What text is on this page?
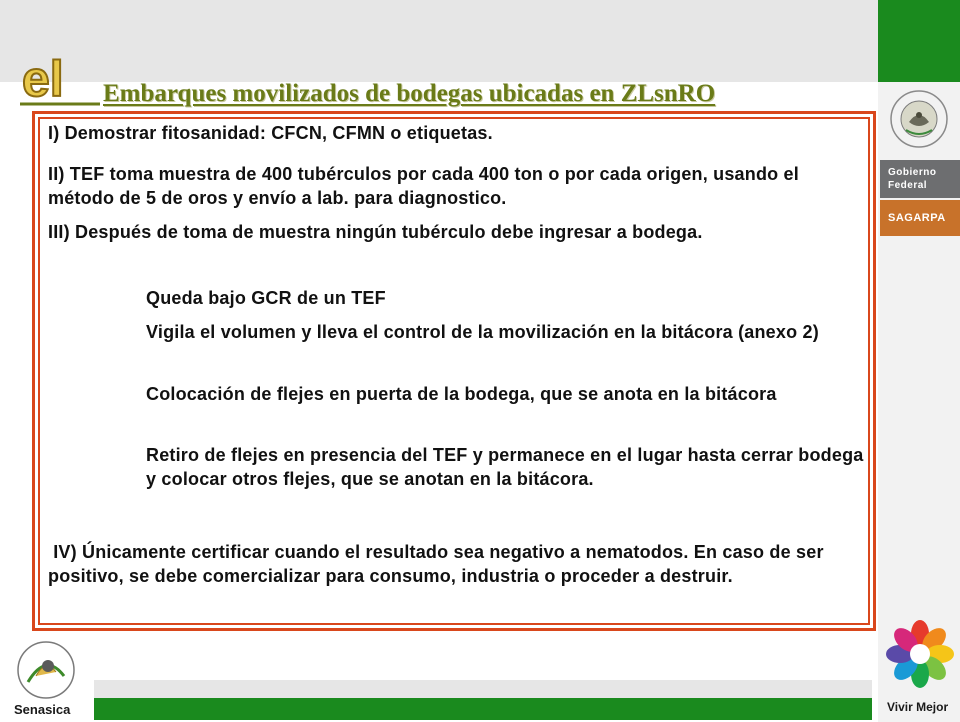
Gobierno
Federal
SAGARPA
el Embarques movilizados de bodegas ubicadas en ZLsnRO
I) Demostrar fitosanidad: CFCN, CFMN o etiquetas.
II) TEF toma muestra de 400 tubérculos por cada 400 ton o por cada origen, usando el método de 5 de oros y envío a lab. para diagnostico.
III) Después de toma de muestra ningún tubérculo debe ingresar a bodega.
Queda bajo GCR de un TEF
Vigila el volumen y lleva el control de la movilización en la bitácora (anexo 2)
Colocación de flejes en puerta de la bodega, que se anota en la bitácora
Retiro de flejes en presencia del TEF y permanece en el lugar hasta cerrar bodega y colocar otros flejes, que se anotan en la bitácora.
IV) Únicamente certificar cuando el resultado sea negativo a nematodos. En caso de ser positivo, se debe comercializar para consumo, industria o proceder a destruir.
Senasica	Vivir Mejor
